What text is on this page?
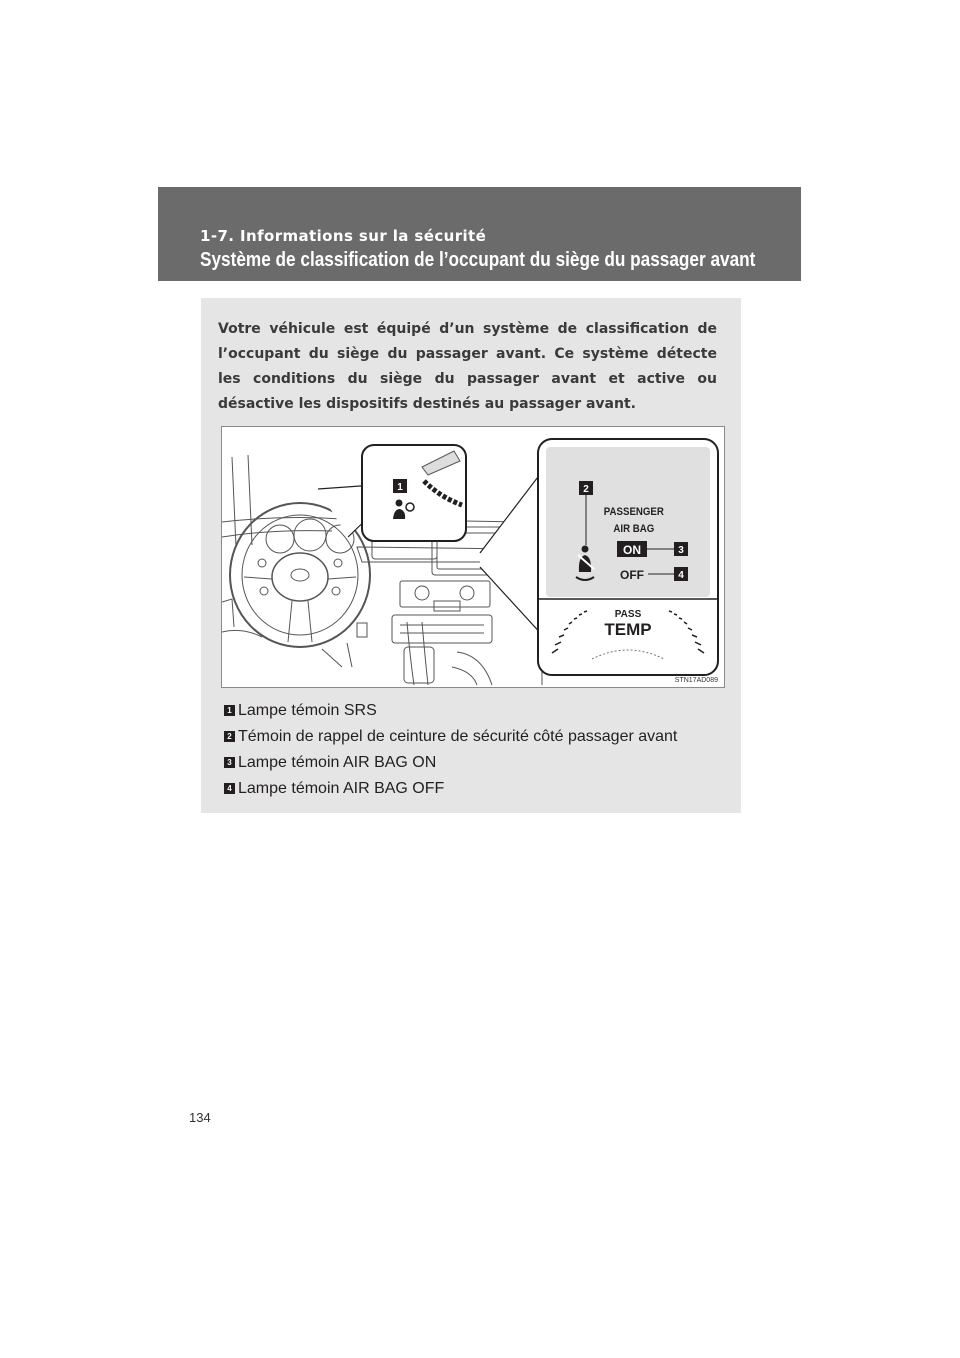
1-7. Informations sur la sécurité
Système de classification de l’occupant du siège du passager avant

Votre véhicule est équipé d’un système de classification de l’occupant du siège du passager avant. Ce système détecte les conditions du siège du passager avant et active ou désactive les dispositifs destinés au passager avant.

1	2
PASSENGER
AIR BAG
ON	3
OFF	4
PASS
TEMP
STN17AD089
1 Lampe témoin SRS
2 Témoin de rappel de ceinture de sécurité côté passager avant
3 Lampe témoin AIR BAG ON
4 Lampe témoin AIR BAG OFF
134
